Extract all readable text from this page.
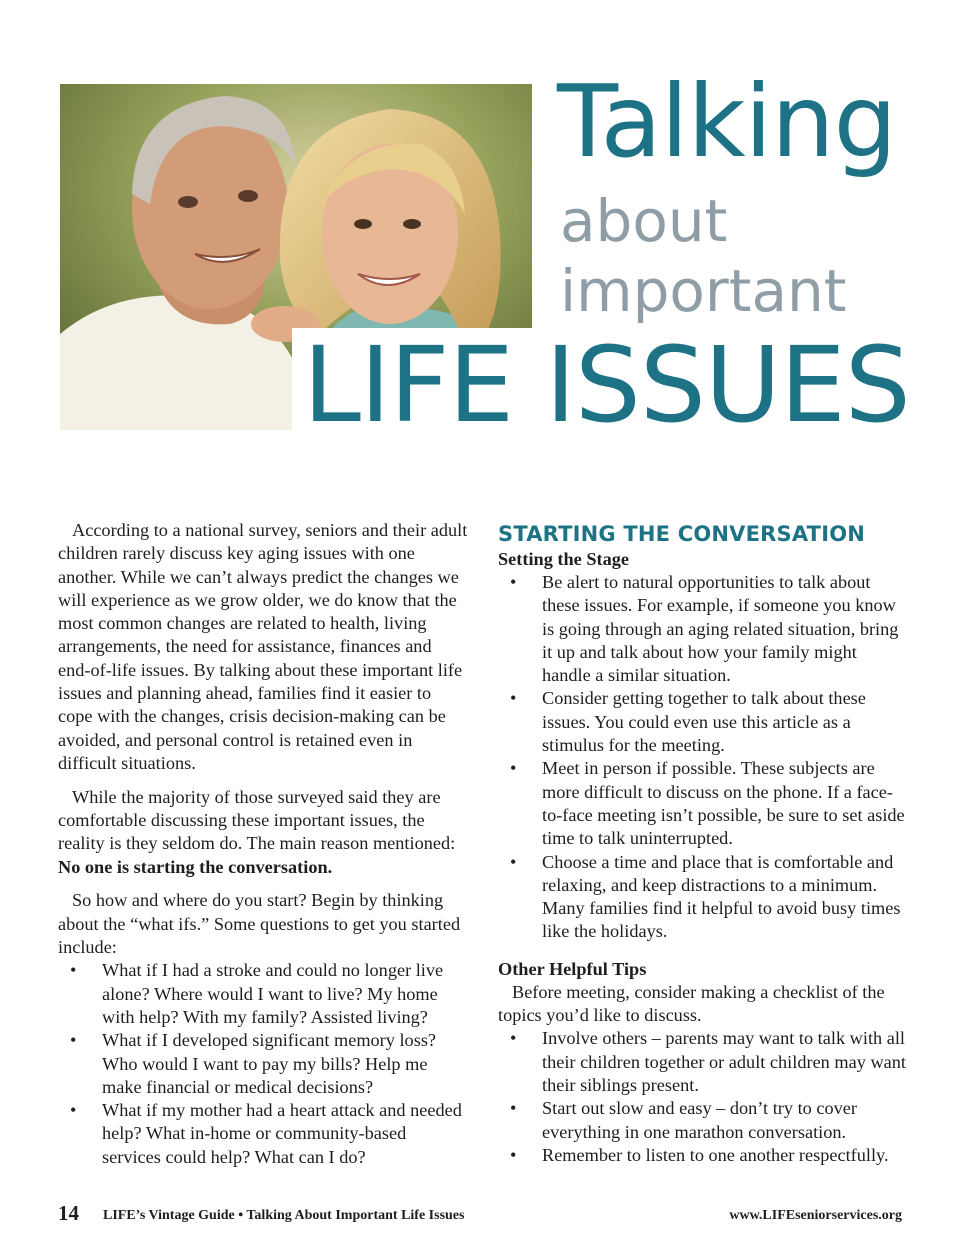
Talking
about
important
LIFE ISSUES

According to a national survey, seniors and their adult children rarely discuss key aging issues with one another. While we can’t always predict the changes we will experience as we grow older, we do know that the most common changes are related to health, living arrangements, the need for assistance, finances and end-of-life issues. By talking about these important life issues and planning ahead, families find it easier to cope with the changes, crisis decision-making can be avoided, and personal control is retained even in difficult situations.

While the majority of those surveyed said they are comfortable discussing these important issues, the reality is they seldom do. The main reason mentioned: No one is starting the conversation.

So how and where do you start? Begin by thinking about the “what ifs.” Some questions to get you started include:

• What if I had a stroke and could no longer live alone? Where would I want to live? My home with help? With my family? Assisted living?
• What if I developed significant memory loss? Who would I want to pay my bills? Help me make financial or medical decisions?
• What if my mother had a heart attack and needed help? What in-home or community-based services could help? What can I do?
STARTING THE CONVERSATION
Setting the Stage
• Be alert to natural opportunities to talk about these issues. For example, if someone you know is going through an aging related situation, bring it up and talk about how your family might handle a similar situation.
• Consider getting together to talk about these issues. You could even use this article as a stimulus for the meeting.
• Meet in person if possible. These subjects are more difficult to discuss on the phone. If a face-to-face meeting isn’t possible, be sure to set aside time to talk uninterrupted.
• Choose a time and place that is comfortable and relaxing, and keep distractions to a minimum. Many families find it helpful to avoid busy times like the holidays.
Other Helpful Tips

Before meeting, consider making a checklist of the topics you’d like to discuss.

• Involve others – parents may want to talk with all their children together or adult children may want their siblings present.
• Start out slow and easy – don’t try to cover everything in one marathon conversation.
• Remember to listen to one another respectfully.
14 LIFE’s Vintage Guide • Talking About Important Life Issues	www.LIFEseniorservices.org
